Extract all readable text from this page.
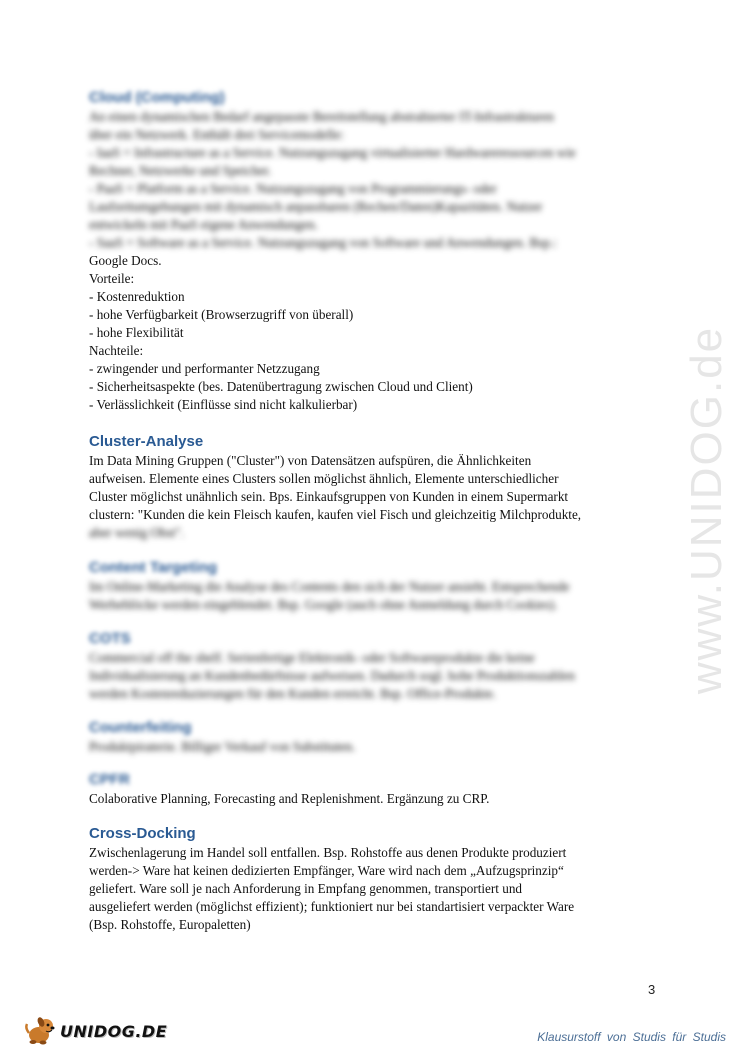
www.UNIDOG.de

Cloud (Computing)

An einen dynamischen Bedarf angepasste Bereitstellung abstrahierter IT-Infrastrukturen

über ein Netzwerk. Enthält drei Servicemodelle:

- IaaS = Infrastructure as a Service. Nutzungszugang virtualisierter Hardwareressourcen wie

Rechner, Netzwerke und Speicher.

- PaaS = Platform as a Service. Nutzungszugang von Programmierungs- oder

Laufzeitumgebungen mit dynamisch anpassbaren (Rechen/Daten)Kapazitäten. Nutzer

entwickeln mit PaaS eigene Anwendungen.

- SaaS = Software as a Service. Nutzungszugang von Software und Anwendungen. Bsp.:

Google Docs.

Vorteile:

- Kostenreduktion

- hohe Verfügbarkeit (Browserzugriff von überall)

- hohe Flexibilität

Nachteile:

- zwingender und performanter Netzzugang

- Sicherheitsaspekte (bes. Datenübertragung zwischen Cloud und Client)

- Verlässlichkeit (Einflüsse sind nicht kalkulierbar)

Cluster-Analyse

Im Data Mining Gruppen ("Cluster") von Datensätzen aufspüren, die Ähnlichkeiten

aufweisen. Elemente eines Clusters sollen möglichst ähnlich, Elemente unterschiedlicher

Cluster möglichst unähnlich sein. Bps. Einkaufsgruppen von Kunden in einem Supermarkt

clustern: "Kunden die kein Fleisch kaufen, kaufen viel Fisch und gleichzeitig Milchprodukte,

aber wenig Obst".

Content Targeting

Im Online-Marketing die Analyse des Contents den sich der Nutzer ansieht. Entsprechende

Werbeblöcke werden eingeblendet. Bsp. Google (auch ohne Anmeldung durch Cookies).

COTS

Commercial off the shelf. Serienfertige Elektronik- oder Softwareprodukte die keine

Individualisierung an Kundenbedürfnisse aufweisen. Dadurch sogl. hohe Produktionszahlen

werden Kostenreduzierungen für den Kunden erreicht. Bsp. Office-Produkte.

Counterfeiting

Produktpiraterie. Billiger Verkauf von Substituten.

CPFR

Colaborative Planning, Forecasting and Replenishment. Ergänzung zu CRP.

Cross-Docking

Zwischenlagerung im Handel soll entfallen. Bsp. Rohstoffe aus denen Produkte produziert

werden-> Ware hat keinen dedizierten Empfänger, Ware wird nach dem „Aufzugsprinzip“

geliefert. Ware soll je nach Anforderung in Empfang genommen, transportiert und

ausgeliefert werden (möglichst effizient); funktioniert nur bei standartisiert verpackter Ware

(Bsp. Rohstoffe, Europaletten)

3
UNIDOG.DE	Klausurstoff von Studis für Studis
